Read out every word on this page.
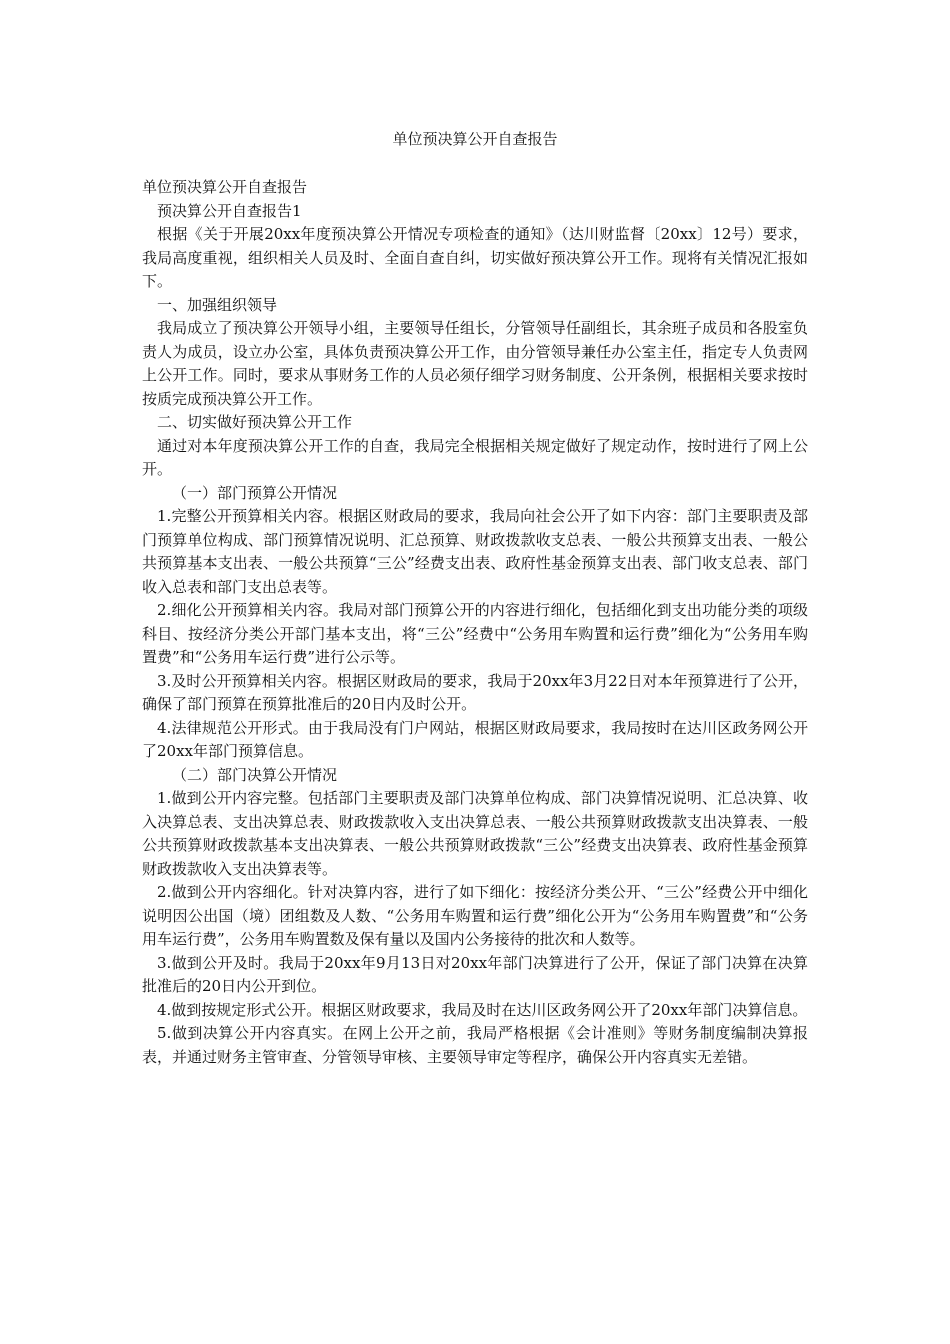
单位预决算公开自查报告

单位预决算公开自查报告

预决算公开自查报告1

根据《关于开展20xx年度预决算公开情况专项检查的通知》（达川财监督〔20xx〕12号）要求，我局高度重视，组织相关人员及时、全面自查自纠，切实做好预决算公开工作。现将有关情况汇报如下。

一、加强组织领导

我局成立了预决算公开领导小组，主要领导任组长，分管领导任副组长，其余班子成员和各股室负责人为成员，设立办公室，具体负责预决算公开工作，由分管领导兼任办公室主任，指定专人负责网上公开工作。同时，要求从事财务工作的人员必须仔细学习财务制度、公开条例，根据相关要求按时按质完成预决算公开工作。

二、切实做好预决算公开工作

通过对本年度预决算公开工作的自查，我局完全根据相关规定做好了规定动作，按时进行了网上公开。

（一）部门预算公开情况

1.完整公开预算相关内容。根据区财政局的要求，我局向社会公开了如下内容：部门主要职责及部门预算单位构成、部门预算情况说明、汇总预算、财政拨款收支总表、一般公共预算支出表、一般公共预算基本支出表、一般公共预算“三公”经费支出表、政府性基金预算支出表、部门收支总表、部门收入总表和部门支出总表等。

2.细化公开预算相关内容。我局对部门预算公开的内容进行细化，包括细化到支出功能分类的项级科目、按经济分类公开部门基本支出，将“三公”经费中“公务用车购置和运行费”细化为“公务用车购置费”和“公务用车运行费”进行公示等。

3.及时公开预算相关内容。根据区财政局的要求，我局于20xx年3月22日对本年预算进行了公开，确保了部门预算在预算批准后的20日内及时公开。

4.法律规范公开形式。由于我局没有门户网站，根据区财政局要求，我局按时在达川区政务网公开了20xx年部门预算信息。

（二）部门决算公开情况

1.做到公开内容完整。包括部门主要职责及部门决算单位构成、部门决算情况说明、汇总决算、收入决算总表、支出决算总表、财政拨款收入支出决算总表、一般公共预算财政拨款支出决算表、一般公共预算财政拨款基本支出决算表、一般公共预算财政拨款“三公”经费支出决算表、政府性基金预算财政拨款收入支出决算表等。

2.做到公开内容细化。针对决算内容，进行了如下细化：按经济分类公开、“三公”经费公开中细化说明因公出国（境）团组数及人数、“公务用车购置和运行费”细化公开为“公务用车购置费”和“公务用车运行费”，公务用车购置数及保有量以及国内公务接待的批次和人数等。

3.做到公开及时。我局于20xx年9月13日对20xx年部门决算进行了公开，保证了部门决算在决算批准后的20日内公开到位。

4.做到按规定形式公开。根据区财政要求，我局及时在达川区政务网公开了20xx年部门决算信息。

5.做到决算公开内容真实。在网上公开之前，我局严格根据《会计准则》等财务制度编制决算报表，并通过财务主管审查、分管领导审核、主要领导审定等程序，确保公开内容真实无差错。
